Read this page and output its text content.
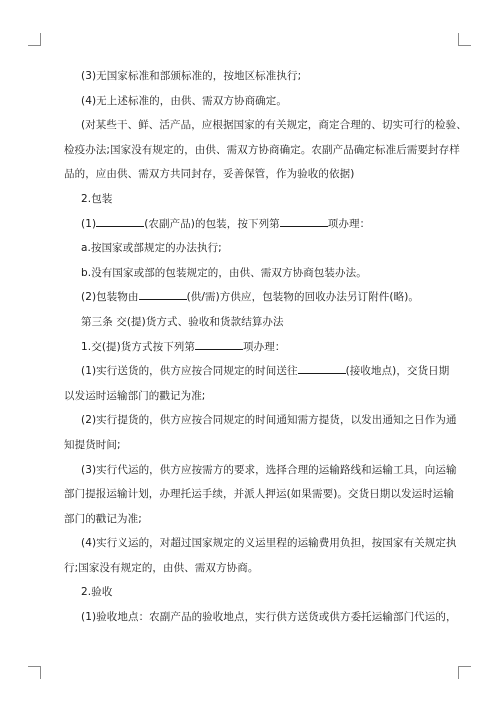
(3)无国家标准和部颁标准的，按地区标准执行;

(4)无上述标准的，由供、需双方协商确定。

(对某些干、鲜、活产品，应根据国家的有关规定，商定合理的、切实可行的检验、

检疫办法;国家没有规定的，由供、需双方协商确定。农副产品确定标准后需要封存样

品的，应由供、需双方共同封存，妥善保管，作为验收的依据)

2.包装

(1)	(农副产品)的包装，按下列第	项办理：

a.按国家或部规定的办法执行;

b.没有国家或部的包装规定的，由供、需双方协商包装办法。

(2)包装物由	(供/需)方供应，包装物的回收办法另订附件(略)。

第三条 交(提)货方式、验收和货款结算办法

1.交(提)货方式按下列第	项办理：

(1)实行送货的，供方应按合同规定的时间送往	(接收地点)，交货日期

以发运时运输部门的戳记为准;

(2)实行提货的，供方应按合同规定的时间通知需方提货，以发出通知之日作为通

知提货时间;

(3)实行代运的，供方应按需方的要求，选择合理的运输路线和运输工具，向运输

部门提报运输计划，办理托运手续，并派人押运(如果需要)。交货日期以发运时运输

部门的戳记为准;

(4)实行义运的，对超过国家规定的义运里程的运输费用负担，按国家有关规定执

行;国家没有规定的，由供、需双方协商。

2.验收

(1)验收地点：农副产品的验收地点，实行供方送货或供方委托运输部门代运的，
